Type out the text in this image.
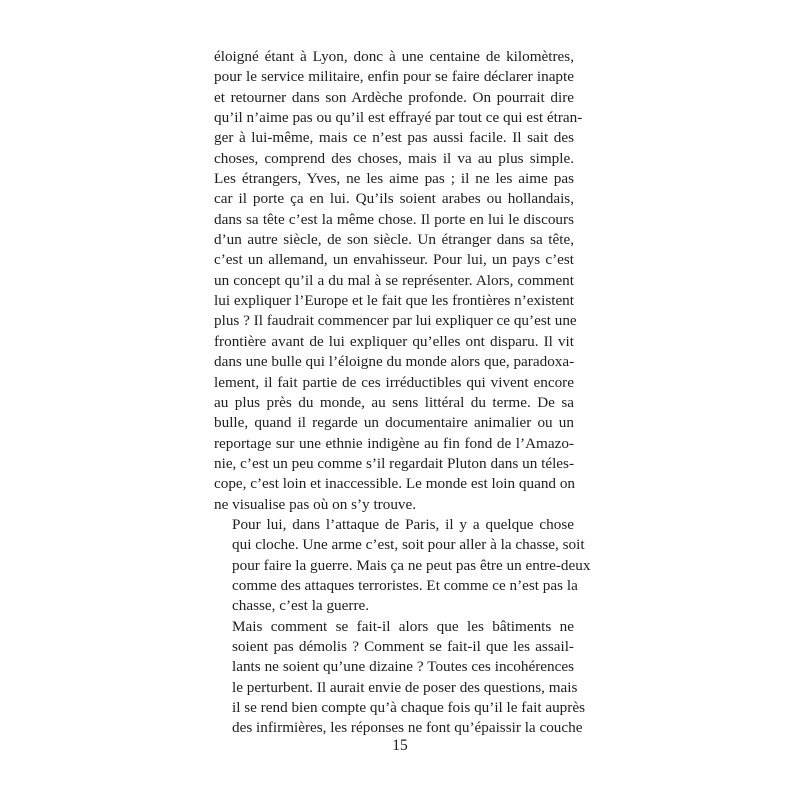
éloigné étant à Lyon, donc à une centaine de kilomètres,
pour le service militaire, enfin pour se faire déclarer inapte
et retourner dans son Ardèche profonde. On pourrait dire
qu’il n’aime pas ou qu’il est effrayé par tout ce qui est étran-
ger à lui-même, mais ce n’est pas aussi facile. Il sait des
choses, comprend des choses, mais il va au plus simple.
Les étrangers, Yves, ne les aime pas ; il ne les aime pas
car il porte ça en lui. Qu’ils soient arabes ou hollandais,
dans sa tête c’est la même chose. Il porte en lui le discours
d’un autre siècle, de son siècle. Un étranger dans sa tête,
c’est un allemand, un envahisseur. Pour lui, un pays c’est
un concept qu’il a du mal à se représenter. Alors, comment
lui expliquer l’Europe et le fait que les frontières n’existent
plus ? Il faudrait commencer par lui expliquer ce qu’est une
frontière avant de lui expliquer qu’elles ont disparu. Il vit
dans une bulle qui l’éloigne du monde alors que, paradoxa-
lement, il fait partie de ces irréductibles qui vivent encore
au plus près du monde, au sens littéral du terme. De sa
bulle, quand il regarde un documentaire animalier ou un
reportage sur une ethnie indigène au fin fond de l’Amazo-
nie, c’est un peu comme s’il regardait Pluton dans un téles-
cope, c’est loin et inaccessible. Le monde est loin quand on
ne visualise pas où on s’y trouve.

Pour lui, dans l’attaque de Paris, il y a quelque chose
qui cloche. Une arme c’est, soit pour aller à la chasse, soit
pour faire la guerre. Mais ça ne peut pas être un entre-deux
comme des attaques terroristes. Et comme ce n’est pas la
chasse, c’est la guerre.

Mais comment se fait-il alors que les bâtiments ne
soient pas démolis ? Comment se fait-il que les assail-
lants ne soient qu’une dizaine ? Toutes ces incohérences
le perturbent. Il aurait envie de poser des questions, mais
il se rend bien compte qu’à chaque fois qu’il le fait auprès
des infirmières, les réponses ne font qu’épaissir la couche

15
